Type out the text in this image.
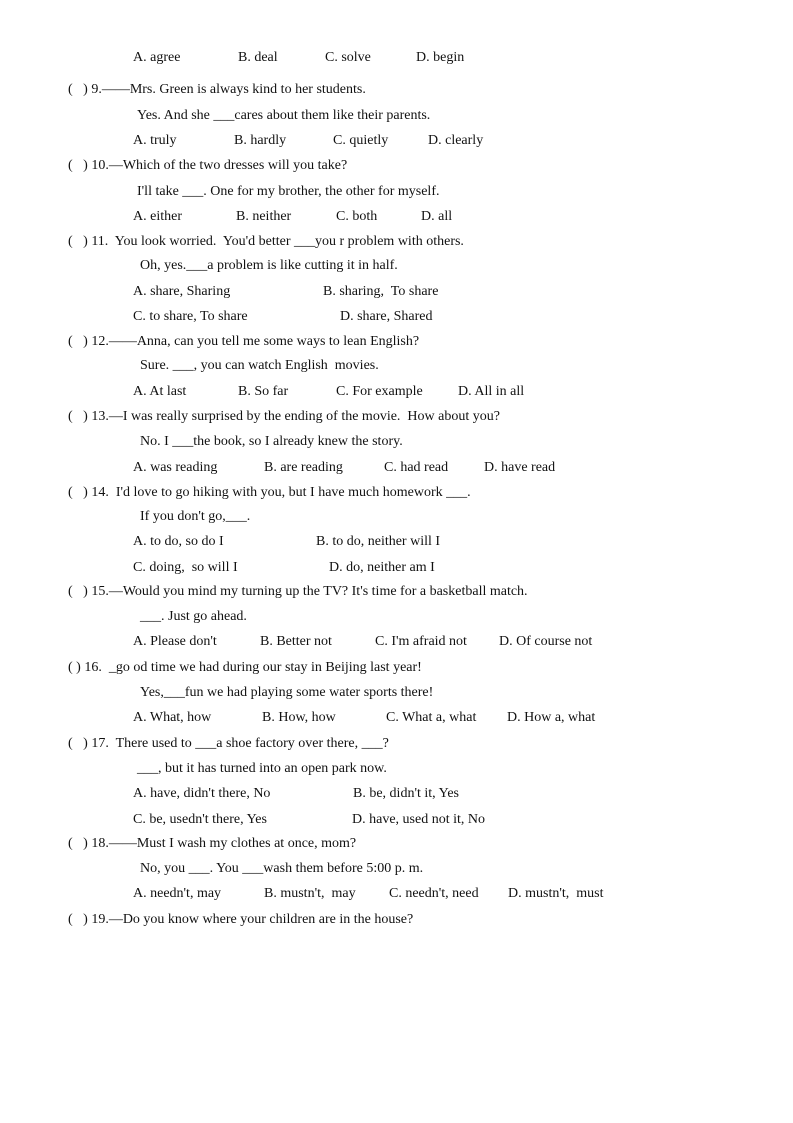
A. agree	B. deal	C. solve	D. begin
(   ) 9.——Mrs. Green is always kind to her students.
Yes. And she ___cares about them like their parents.
A. truly	B. hardly	C. quietly	D. clearly
(   ) 10.—Which of the two dresses will you take?
I'll take ___. One for my brother, the other for myself.
A. either	B. neither	C. both	D. all
(   ) 11.  You look worried.  You'd better ___you r problem with others.
Oh, yes.___a problem is like cutting it in half.
A. share, Sharing	B. sharing,  To share
C. to share, To share	D. share, Shared
(   ) 12.——Anna, can you tell me some ways to lean English?
Sure. ___, you can watch English  movies.
A. At last	B. So far	C. For example	D. All in all
(   ) 13.—I was really surprised by the ending of the movie.  How about you?
No. I ___the book, so I already knew the story.
A. was reading	B. are reading	C. had read	D. have read
(   ) 14.  I'd love to go hiking with you, but I have much homework ___.
If you don't go,___.
A. to do, so do I	B. to do, neither will I
C. doing,  so will I	D. do, neither am I
(   ) 15.—Would you mind my turning up the TV? It's time for a basketball match.
___. Just go ahead.
A. Please don't	B. Better not	C. I'm afraid not D. Of course not
( ) 16.  _go od time we had during our stay in Beijing last year!
Yes,___fun we had playing some water sports there!
A. What, how	B. How, how	C. What a, what D. How a, what
(   ) 17.  There used to ___a shoe factory over there, ___?
___, but it has turned into an open park now.
A. have, didn't there, No	B. be, didn't it, Yes
C. be, usedn't there, Yes	D. have, used not it, No
(   ) 18.——Must I wash my clothes at once, mom?
No, you ___. You ___wash them before 5:00 p. m.
A. needn't, may	B. mustn't,  may C. needn't, need D. mustn't,  must
(   ) 19.—Do you know where your children are in the house?
